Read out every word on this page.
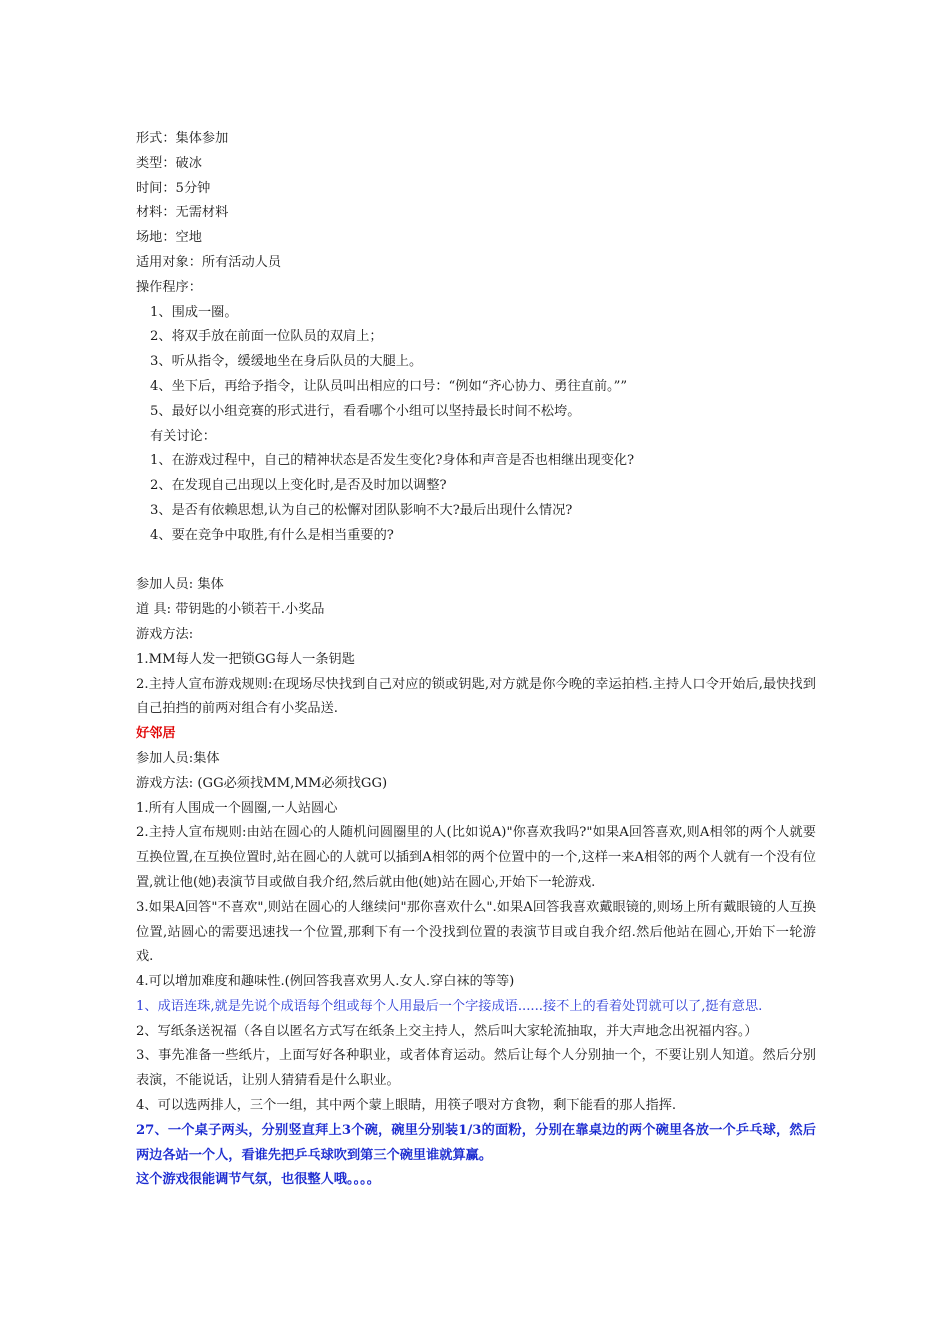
形式：集体参加
类型：破冰
时间：5分钟
材料：无需材料
场地：空地
适用对象：所有活动人员
操作程序：
1、围成一圈。
2、将双手放在前面一位队员的双肩上；
3、听从指令，缓缓地坐在身后队员的大腿上。
4、坐下后，再给予指令，让队员叫出相应的口号：“例如“齐心协力、勇往直前。””
5、最好以小组竞赛的形式进行，看看哪个小组可以坚持最长时间不松垮。
有关讨论：
1、在游戏过程中，自己的精神状态是否发生变化?身体和声音是否也相继出现变化?
2、在发现自己出现以上变化时,是否及时加以调整?
3、是否有依赖思想,认为自己的松懈对团队影响不大?最后出现什么情况?
4、要在竞争中取胜,有什么是相当重要的?
参加人员: 集体
道 具: 带钥匙的小锁若干.小奖品
游戏方法:
1.MM每人发一把锁GG每人一条钥匙
2.主持人宣布游戏规则:在现场尽快找到自己对应的锁或钥匙,对方就是你今晚的幸运拍档.主持人口令开始后,最快找到自己拍挡的前两对组合有小奖品送.
好邻居
参加人员:集体
游戏方法: (GG必须找MM,MM必须找GG)
1.所有人围成一个圆圈,一人站圆心
2.主持人宣布规则:由站在圆心的人随机问圆圈里的人(比如说A)"你喜欢我吗?"如果A回答喜欢,则A相邻的两个人就要互换位置,在互换位置时,站在圆心的人就可以插到A相邻的两个位置中的一个,这样一来A相邻的两个人就有一个没有位置,就让他(她)表演节目或做自我介绍,然后就由他(她)站在圆心,开始下一轮游戏.
3.如果A回答"不喜欢",则站在圆心的人继续问"那你喜欢什么".如果A回答我喜欢戴眼镜的,则场上所有戴眼镜的人互换位置,站圆心的需要迅速找一个位置,那剩下有一个没找到位置的表演节目或自我介绍.然后他站在圆心,开始下一轮游戏.
4.可以增加难度和趣味性.(例回答我喜欢男人.女人.穿白袜的等等)
1、成语连珠,就是先说个成语每个组或每个人用最后一个字接成语......接不上的看着处罚就可以了,挺有意思.
2、写纸条送祝福（各自以匿名方式写在纸条上交主持人，然后叫大家轮流抽取，并大声地念出祝福内容。）
3、事先准备一些纸片，上面写好各种职业，或者体育运动。然后让每个人分别抽一个，不要让别人知道。然后分别表演，不能说话，让别人猜猜看是什么职业。
4、可以选两排人，三个一组，其中两个蒙上眼睛，用筷子喂对方食物，剩下能看的那人指挥.
27、一个桌子两头，分别竖直拜上3个碗，碗里分别装1/3的面粉，分别在靠桌边的两个碗里各放一个乒乓球，然后两边各站一个人，看谁先把乒乓球吹到第三个碗里谁就算赢。
这个游戏很能调节气氛，也很整人哦。。。。
